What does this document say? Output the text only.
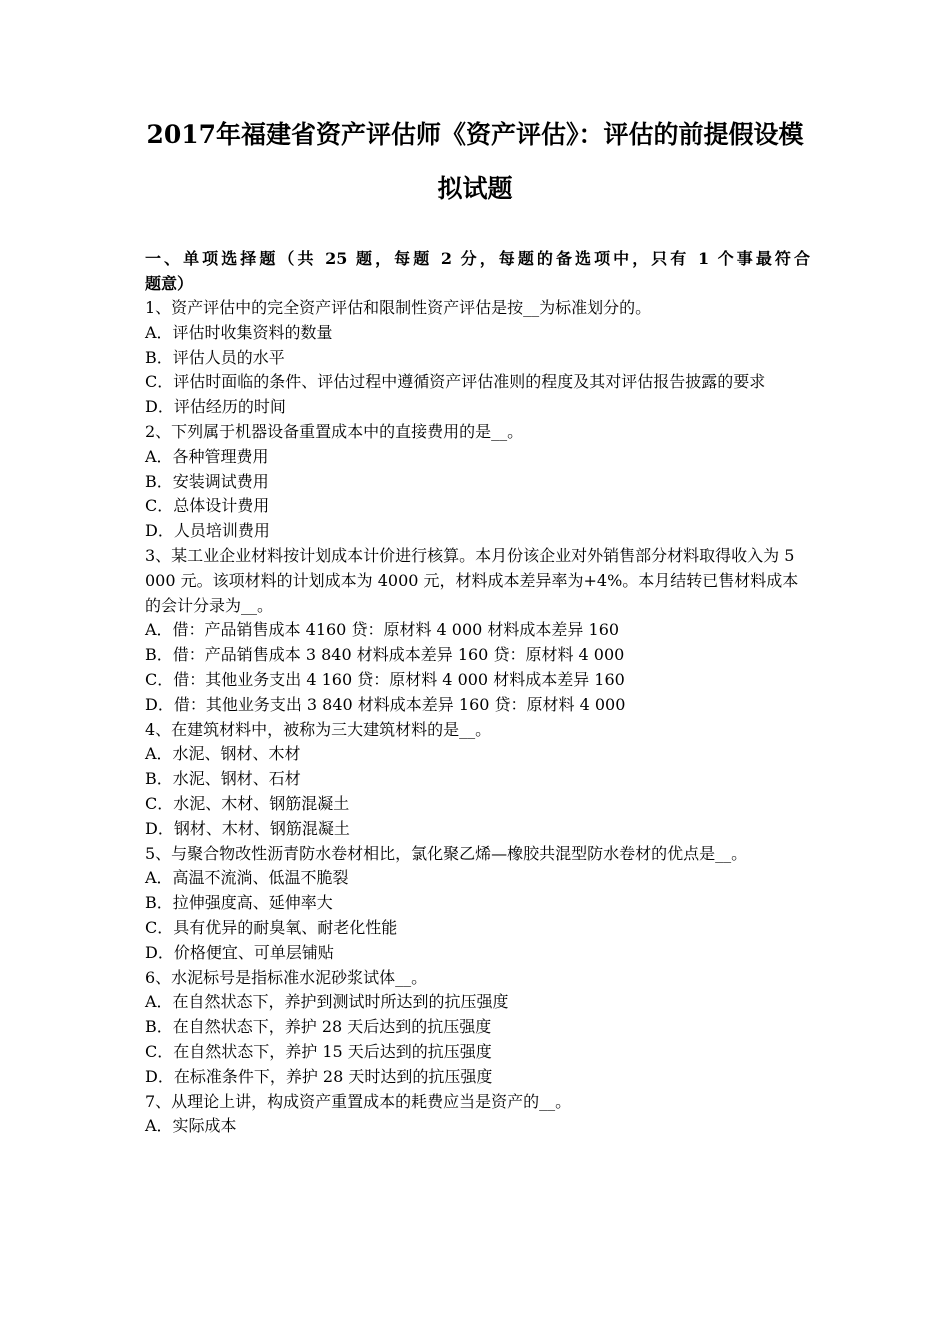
2017年福建省资产评估师《资产评估》：评估的前提假设模
拟试题
一、单项选择题（共 25 题，每题 2 分，每题的备选项中，只有 1 个事最符合
题意）

1、资产评估中的完全资产评估和限制性资产评估是按__为标准划分的。

A．评估时收集资料的数量

B．评估人员的水平

C．评估时面临的条件、评估过程中遵循资产评估准则的程度及其对评估报告披露的要求

D．评估经历的时间

2、下列属于机器设备重置成本中的直接费用的是__。

A．各种管理费用

B．安装调试费用

C．总体设计费用

D．人员培训费用

3、某工业企业材料按计划成本计价进行核算。本月份该企业对外销售部分材料取得收入为 5 000 元。该项材料的计划成本为 4000 元，材料成本差异率为+4%。本月结转已售材料成本的会计分录为__。

A．借：产品销售成本 4160 贷：原材料 4 000 材料成本差异 160

B．借：产品销售成本 3 840 材料成本差异 160 贷：原材料 4 000

C．借：其他业务支出 4 160 贷：原材料 4 000 材料成本差异 160

D．借：其他业务支出 3 840 材料成本差异 160 贷：原材料 4 000

4、在建筑材料中，被称为三大建筑材料的是__。

A．水泥、钢材、木材

B．水泥、钢材、石材

C．水泥、木材、钢筋混凝土

D．钢材、木材、钢筋混凝土

5、与聚合物改性沥青防水卷材相比，氯化聚乙烯—橡胶共混型防水卷材的优点是__。

A．高温不流淌、低温不脆裂

B．拉伸强度高、延伸率大

C．具有优异的耐臭氧、耐老化性能

D．价格便宜、可单层铺贴

6、水泥标号是指标准水泥砂浆试体__。

A．在自然状态下，养护到测试时所达到的抗压强度

B．在自然状态下，养护 28 天后达到的抗压强度

C．在自然状态下，养护 15 天后达到的抗压强度

D．在标准条件下，养护 28 天时达到的抗压强度

7、从理论上讲，构成资产重置成本的耗费应当是资产的__。

A．实际成本
